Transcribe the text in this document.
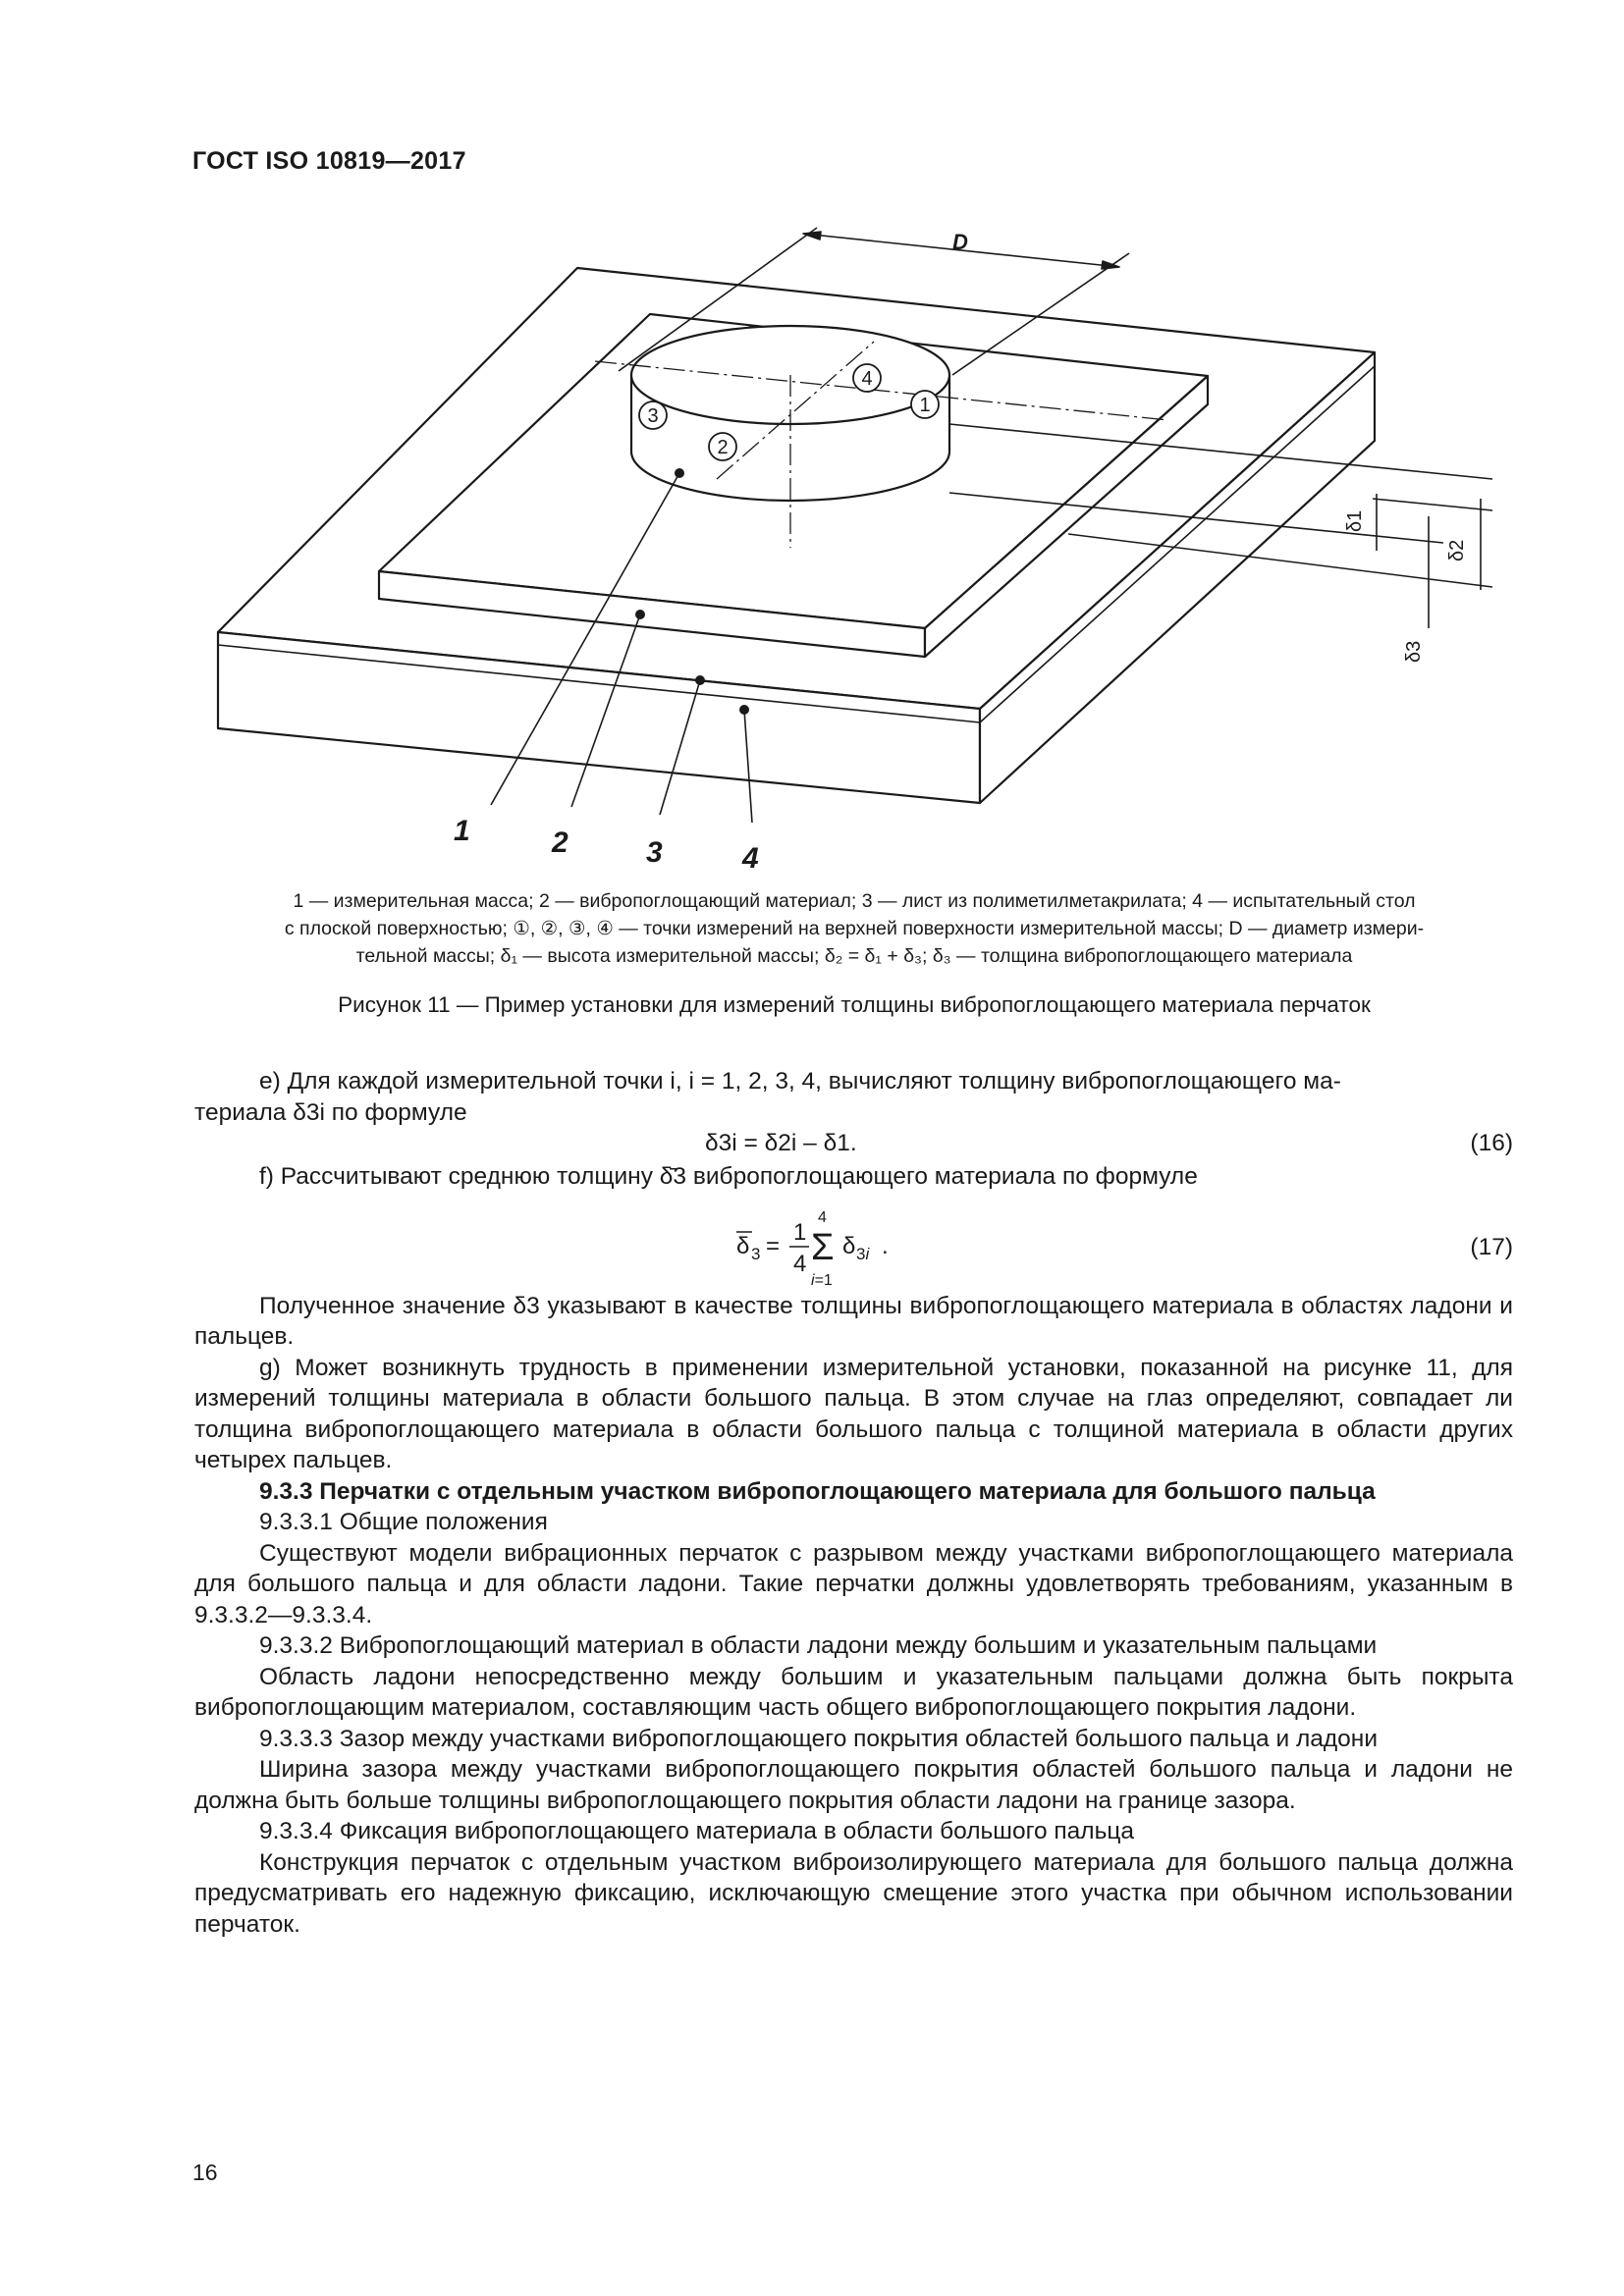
ГОСТ ISO 10819—2017
1
2
3
4
D
δ1
δ2
δ3
1	2	3	4
1 — измерительная масса; 2 — вибропоглощающий материал; 3 — лист из полиметилметакрилата; 4 — испытательный стол
с плоской поверхностью; ①, ②, ③, ④ — точки измерений на верхней поверхности измерительной массы; D — диаметр измери-
тельной массы; δ₁ — высота измерительной массы; δ₂ = δ₁ + δ₃; δ₃ — толщина вибропоглощающего материала
Рисунок 11 — Пример установки для измерений толщины вибропоглощающего материала перчаток

e) Для каждой измерительной точки i, i = 1, 2, 3, 4, вычисляют толщину вибропоглощающего ма-

териала δ3i по формуле

δ3i = δ2i – δ1.	(16)

f) Рассчитывают среднюю толщину δ̄3 вибропоглощающего материала по формуле

δ 3 =
1
4
4
Σ
i=1
δ 3i .	(17)

Полученное значение δ3 указывают в качестве толщины вибропоглощающего материала в областях ладони и пальцев.

g) Может возникнуть трудность в применении измерительной установки, показанной на рисунке 11, для измерений толщины материала в области большого пальца. В этом случае на глаз определяют, совпадает ли толщина вибропоглощающего материала в области большого пальца с толщиной материала в области других четырех пальцев.

9.3.3 Перчатки с отдельным участком вибропоглощающего материала для большого пальца

9.3.3.1 Общие положения

Существуют модели вибрационных перчаток с разрывом между участками вибропоглощающего материала для большого пальца и для области ладони. Такие перчатки должны удовлетворять требованиям, указанным в 9.3.3.2—9.3.3.4.

9.3.3.2 Вибропоглощающий материал в области ладони между большим и указательным пальцами

Область ладони непосредственно между большим и указательным пальцами должна быть покрыта вибропоглощающим материалом, составляющим часть общего вибропоглощающего покрытия ладони.

9.3.3.3 Зазор между участками вибропоглощающего покрытия областей большого пальца и ладони

Ширина зазора между участками вибропоглощающего покрытия областей большого пальца и ладони не должна быть больше толщины вибропоглощающего покрытия области ладони на границе зазора.

9.3.3.4 Фиксация вибропоглощающего материала в области большого пальца

Конструкция перчаток с отдельным участком виброизолирующего материала для большого пальца должна предусматривать его надежную фиксацию, исключающую смещение этого участка при обычном использовании перчаток.

16
